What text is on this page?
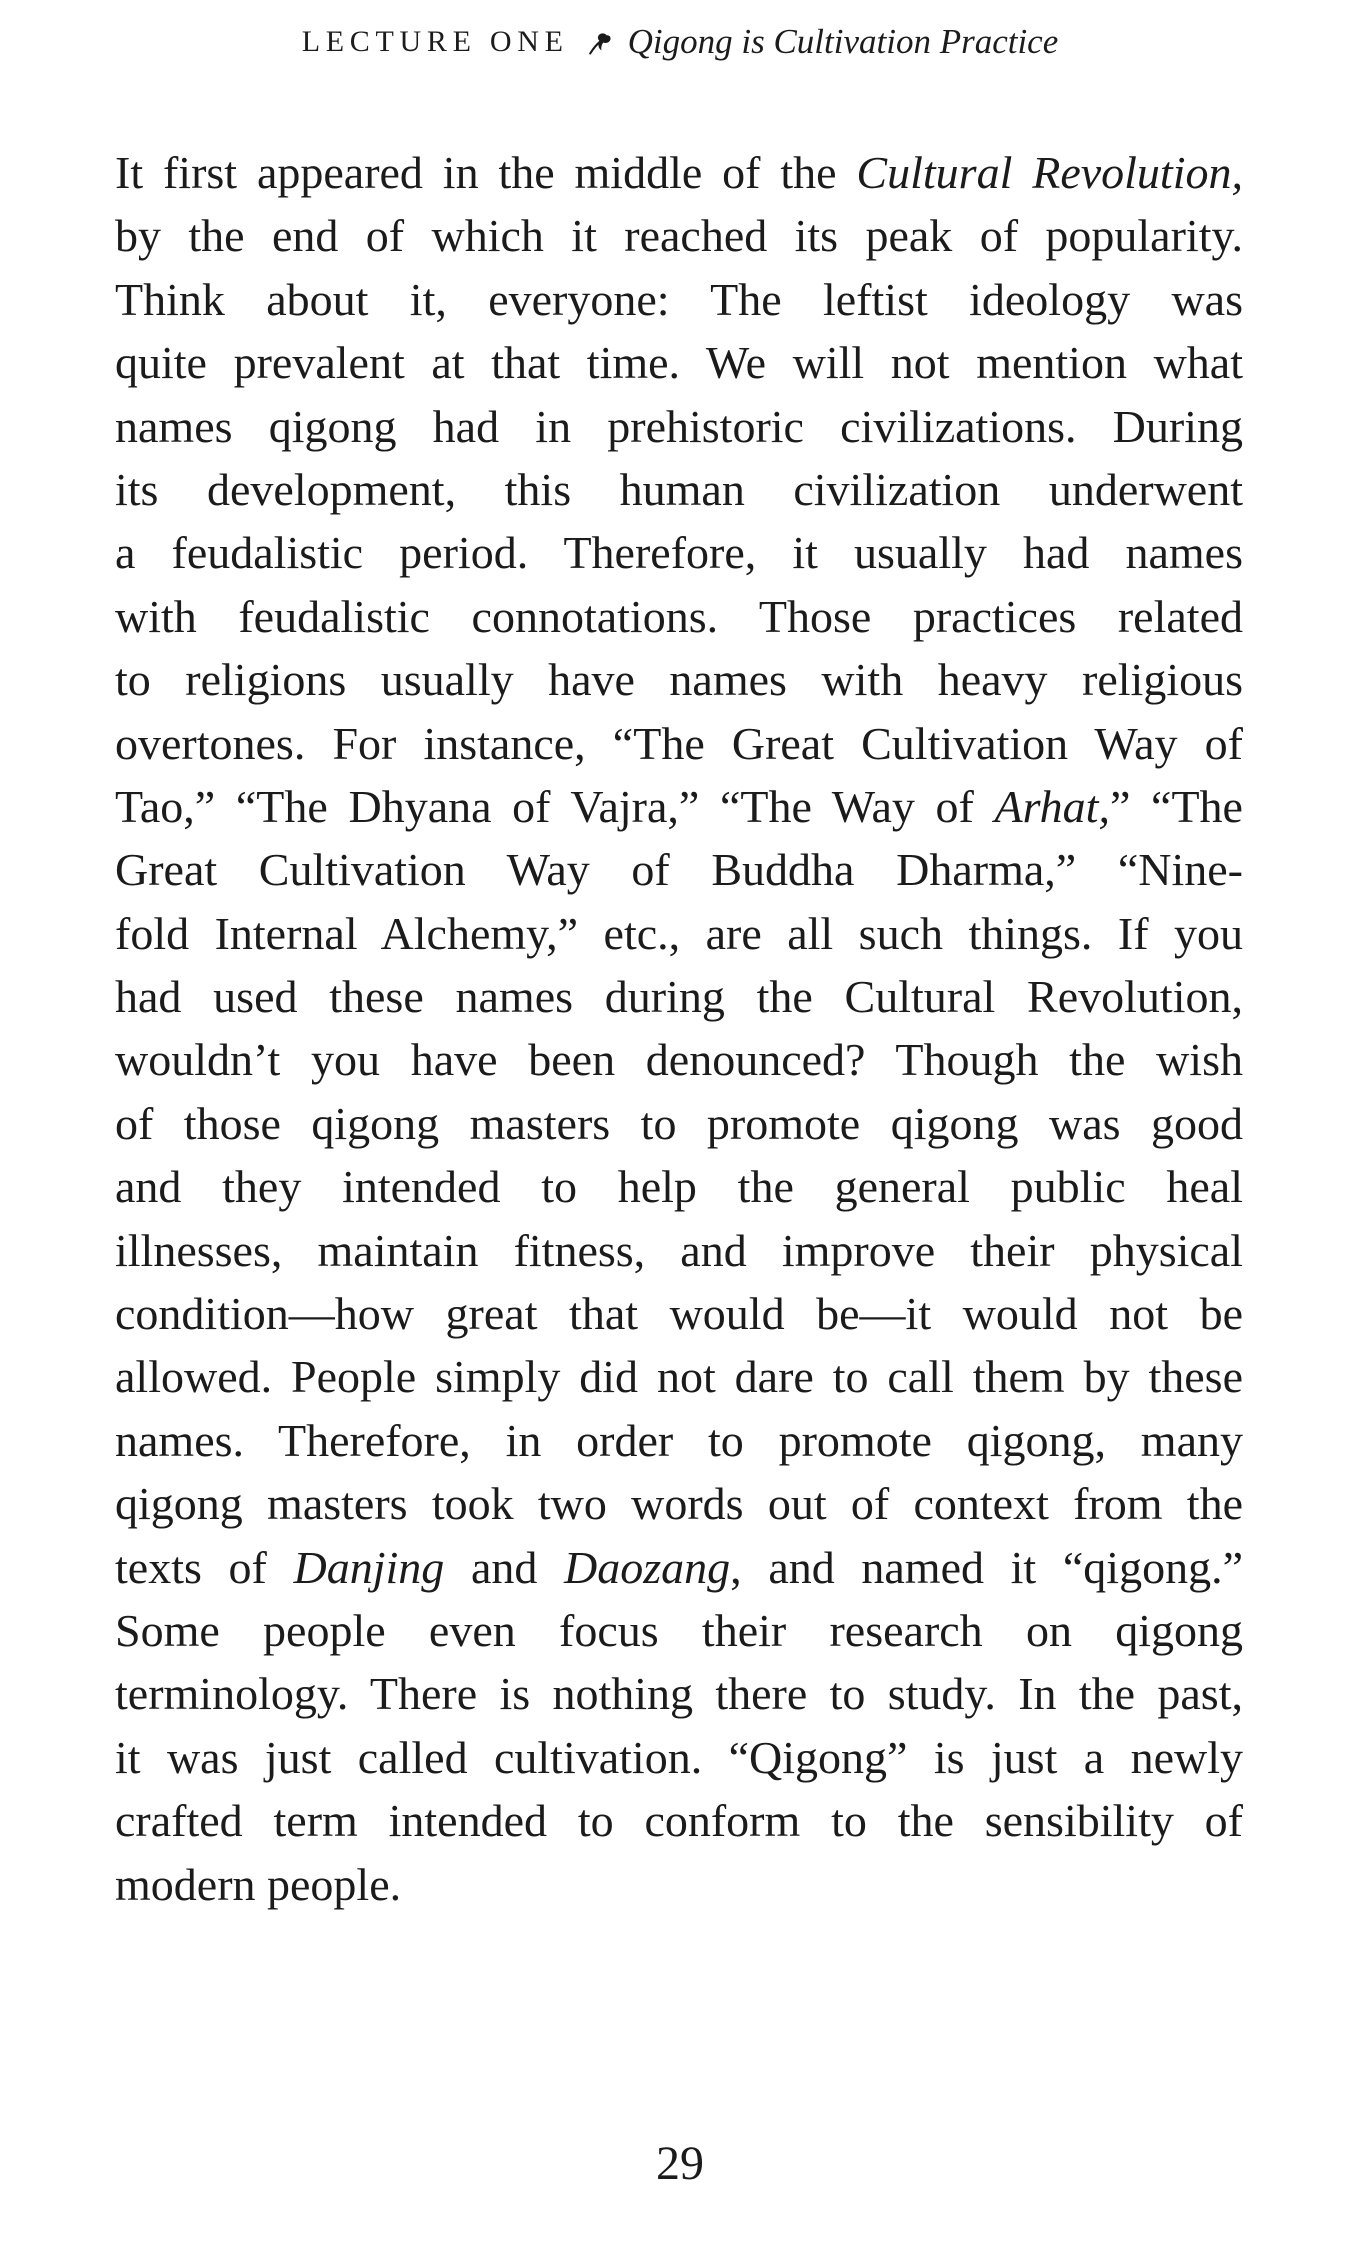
LECTURE ONE Qigong is Cultivation Practice
It first appeared in the middle of the Cultural Revolution,
by the end of which it reached its peak of popularity.
Think about it, everyone: The leftist ideology was
quite prevalent at that time. We will not mention what
names qigong had in prehistoric civilizations. During
its development, this human civilization underwent
a feudalistic period. Therefore, it usually had names
with feudalistic connotations. Those practices related
to religions usually have names with heavy religious
overtones. For instance, “The Great Cultivation Way of
Tao,” “The Dhyana of Vajra,” “The Way of Arhat,” “The
Great Cultivation Way of Buddha Dharma,” “Nine-
fold Internal Alchemy,” etc., are all such things. If you
had used these names during the Cultural Revolution,
wouldn’t you have been denounced? Though the wish
of those qigong masters to promote qigong was good
and they intended to help the general public heal
illnesses, maintain fitness, and improve their physical
condition—how great that would be—it would not be
allowed. People simply did not dare to call them by these
names. Therefore, in order to promote qigong, many
qigong masters took two words out of context from the
texts of Danjing and Daozang, and named it “qigong.”
Some people even focus their research on qigong
terminology. There is nothing there to study. In the past,
it was just called cultivation. “Qigong” is just a newly
crafted term intended to conform to the sensibility of
modern people.
29
